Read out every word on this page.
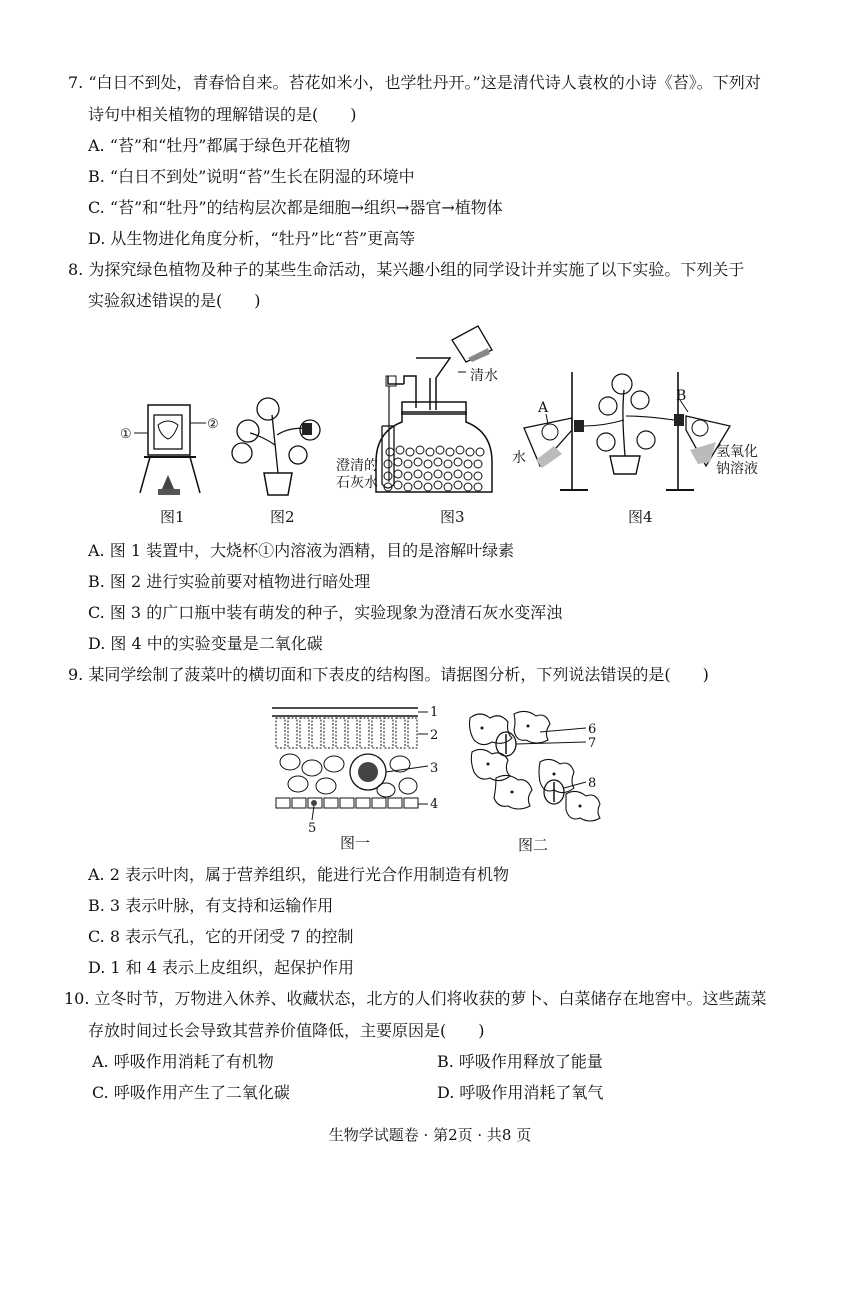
7. “白日不到处，青春恰自来。苔花如米小，也学牡丹开。”这是清代诗人袁枚的小诗《苔》。下列对
诗句中相关植物的理解错误的是(　　)
A. “苔”和“牡丹”都属于绿色开花植物
B. “白日不到处”说明“苔”生长在阴湿的环境中
C. “苔”和“牡丹”的结构层次都是细胞→组织→器官→植物体
D. 从生物进化角度分析，“牡丹”比“苔”更高等
8. 为探究绿色植物及种子的某些生命活动，某兴趣小组的同学设计并实施了以下实验。下列关于
实验叙述错误的是(　　)
①
②
图1	图2
清水
澄清的
石灰水
图3
A
B
水	氢氧化
钠溶液
图4
A. 图 1 装置中，大烧杯①内溶液为酒精，目的是溶解叶绿素
B. 图 2 进行实验前要对植物进行暗处理
C. 图 3 的广口瓶中装有萌发的种子，实验现象为澄清石灰水变浑浊
D. 图 4 中的实验变量是二氧化碳
9. 某同学绘制了菠菜叶的横切面和下表皮的结构图。请据图分析，下列说法错误的是(　　)
1
2
3
4
5
图一
6
7
8
图二
A. 2 表示叶肉，属于营养组织，能进行光合作用制造有机物
B. 3 表示叶脉，有支持和运输作用
C. 8 表示气孔，它的开闭受 7 的控制
D. 1 和 4 表示上皮组织，起保护作用
10. 立冬时节，万物进入休养、收藏状态，北方的人们将收获的萝卜、白菜储存在地窖中。这些蔬菜
存放时间过长会导致其营养价值降低，主要原因是(　　)
A. 呼吸作用消耗了有机物	B. 呼吸作用释放了能量
C. 呼吸作用产生了二氧化碳	D. 呼吸作用消耗了氧气
生物学试题卷 · 第2页 · 共8 页
